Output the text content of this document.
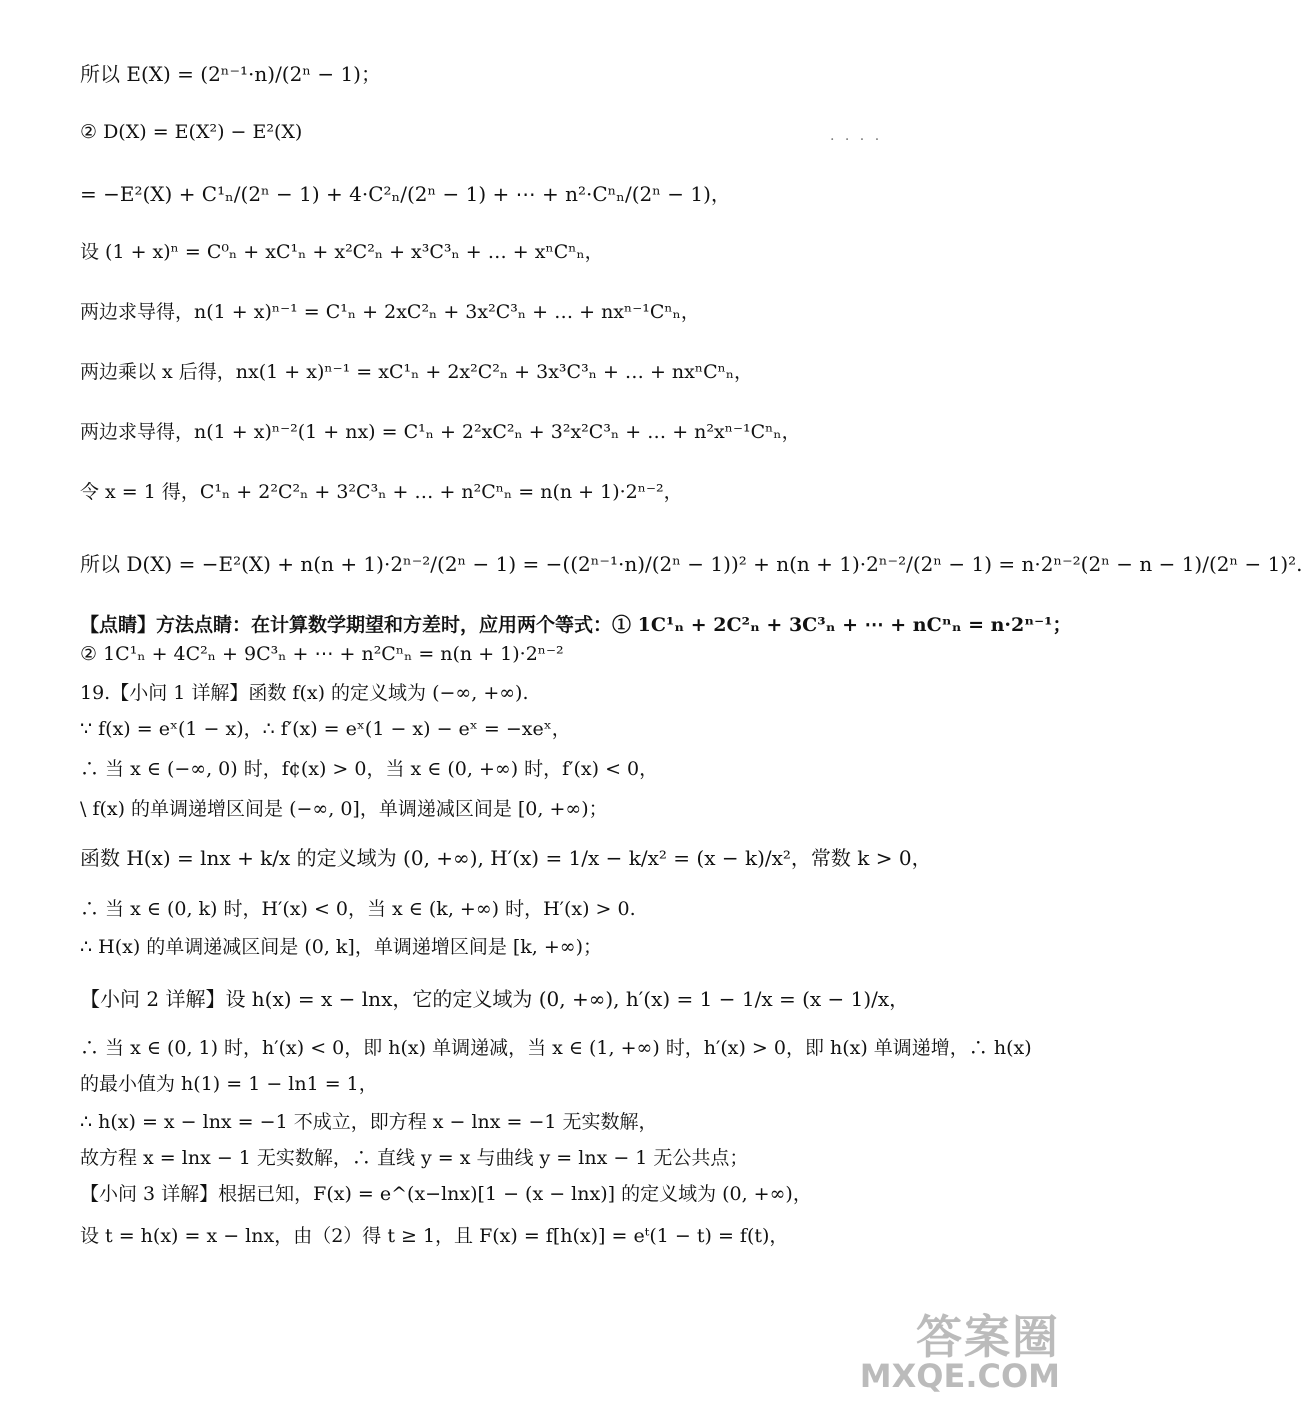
所以 E(X) = (2ⁿ⁻¹·n)/(2ⁿ − 1)；
② D(X) = E(X²) − E²(X)	. . . .
= −E²(X) + C¹ₙ/(2ⁿ − 1) + 4·C²ₙ/(2ⁿ − 1) + ⋯ + n²·Cⁿₙ/(2ⁿ − 1)，
设 (1 + x)ⁿ = C⁰ₙ + xC¹ₙ + x²C²ₙ + x³C³ₙ + … + xⁿCⁿₙ，
两边求导得，n(1 + x)ⁿ⁻¹ = C¹ₙ + 2xC²ₙ + 3x²C³ₙ + … + nxⁿ⁻¹Cⁿₙ，
两边乘以 x 后得，nx(1 + x)ⁿ⁻¹ = xC¹ₙ + 2x²C²ₙ + 3x³C³ₙ + … + nxⁿCⁿₙ，
两边求导得，n(1 + x)ⁿ⁻²(1 + nx) = C¹ₙ + 2²xC²ₙ + 3²x²C³ₙ + … + n²xⁿ⁻¹Cⁿₙ，
令 x = 1 得，C¹ₙ + 2²C²ₙ + 3²C³ₙ + … + n²Cⁿₙ = n(n + 1)·2ⁿ⁻²，
所以 D(X) = −E²(X) + n(n + 1)·2ⁿ⁻²/(2ⁿ − 1) = −((2ⁿ⁻¹·n)/(2ⁿ − 1))² + n(n + 1)·2ⁿ⁻²/(2ⁿ − 1) = n·2ⁿ⁻²(2ⁿ − n − 1)/(2ⁿ − 1)².
【点睛】方法点睛：在计算数学期望和方差时，应用两个等式：① 1C¹ₙ + 2C²ₙ + 3C³ₙ + ⋯ + nCⁿₙ = n·2ⁿ⁻¹；
② 1C¹ₙ + 4C²ₙ + 9C³ₙ + ⋯ + n²Cⁿₙ = n(n + 1)·2ⁿ⁻²
19.【小问 1 详解】函数 f(x) 的定义域为 (−∞, +∞).
∵ f(x) = eˣ(1 − x)，∴ f′(x) = eˣ(1 − x) − eˣ = −xeˣ，
∴ 当 x ∈ (−∞, 0) 时，f¢(x) > 0，当 x ∈ (0, +∞) 时，f′(x) < 0，
\ f(x) 的单调递增区间是 (−∞, 0]，单调递减区间是 [0, +∞)；
函数 H(x) = lnx + k/x 的定义域为 (0, +∞), H′(x) = 1/x − k/x² = (x − k)/x²，常数 k > 0，
∴ 当 x ∈ (0, k) 时，H′(x) < 0，当 x ∈ (k, +∞) 时，H′(x) > 0.
∴ H(x) 的单调递减区间是 (0, k]，单调递增区间是 [k, +∞)；
【小问 2 详解】设 h(x) = x − lnx，它的定义域为 (0, +∞), h′(x) = 1 − 1/x = (x − 1)/x，
∴ 当 x ∈ (0, 1) 时，h′(x) < 0，即 h(x) 单调递减，当 x ∈ (1, +∞) 时，h′(x) > 0，即 h(x) 单调递增，∴ h(x)
的最小值为 h(1) = 1 − ln1 = 1，
∴ h(x) = x − lnx = −1 不成立，即方程 x − lnx = −1 无实数解，
故方程 x = lnx − 1 无实数解，∴ 直线 y = x 与曲线 y = lnx − 1 无公共点；
【小问 3 详解】根据已知，F(x) = e^(x−lnx)[1 − (x − lnx)] 的定义域为 (0, +∞)，
设 t = h(x) = x − lnx，由（2）得 t ≥ 1，且 F(x) = f[h(x)] = eᵗ(1 − t) = f(t)，
答案圈
MXQE.COM
